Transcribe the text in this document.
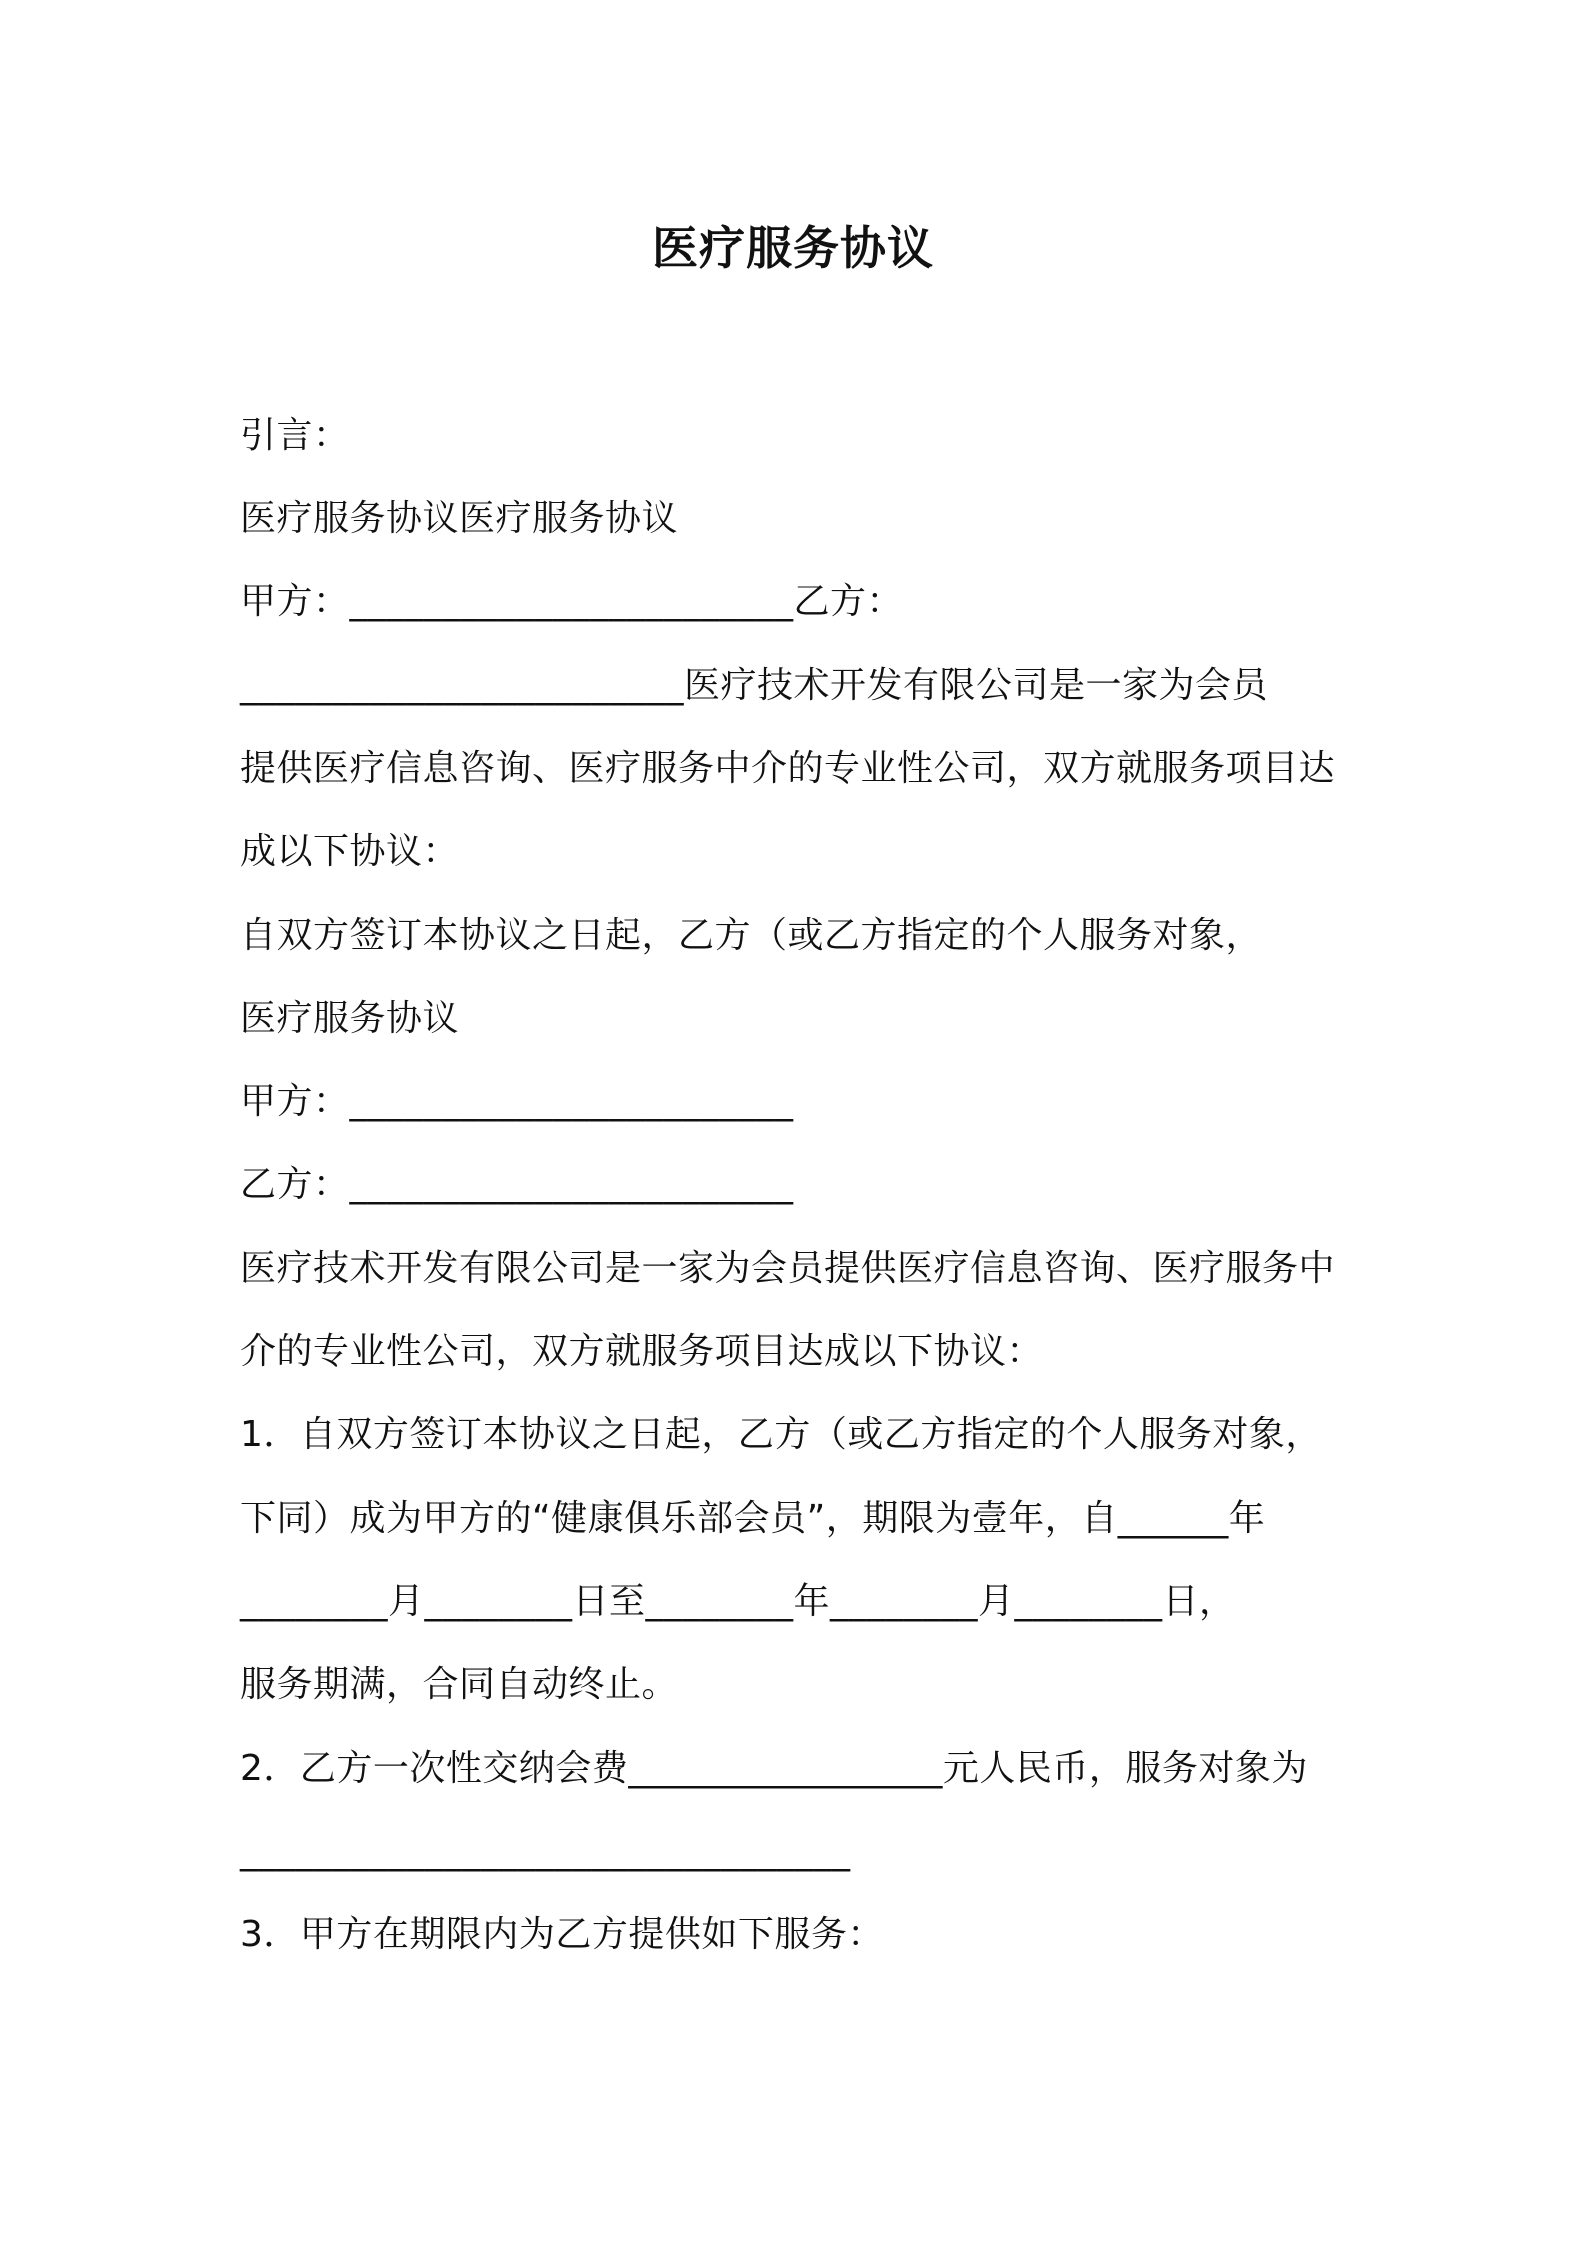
医疗服务协议
引言：
医疗服务协议医疗服务协议
甲方：________________________乙方：
________________________医疗技术开发有限公司是一家为会员
提供医疗信息咨询、医疗服务中介的专业性公司，双方就服务项目达
成以下协议：
自双方签订本协议之日起，乙方（或乙方指定的个人服务对象，
医疗服务协议
甲方：________________________
乙方：________________________
医疗技术开发有限公司是一家为会员提供医疗信息咨询、医疗服务中
介的专业性公司，双方就服务项目达成以下协议：
1．自双方签订本协议之日起，乙方（或乙方指定的个人服务对象，
下同）成为甲方的“健康俱乐部会员”，期限为壹年，自______年
________月________日至________年________月________日，
服务期满，合同自动终止。
2．乙方一次性交纳会费_________________元人民币，服务对象为
_________________________________
3．甲方在期限内为乙方提供如下服务：
